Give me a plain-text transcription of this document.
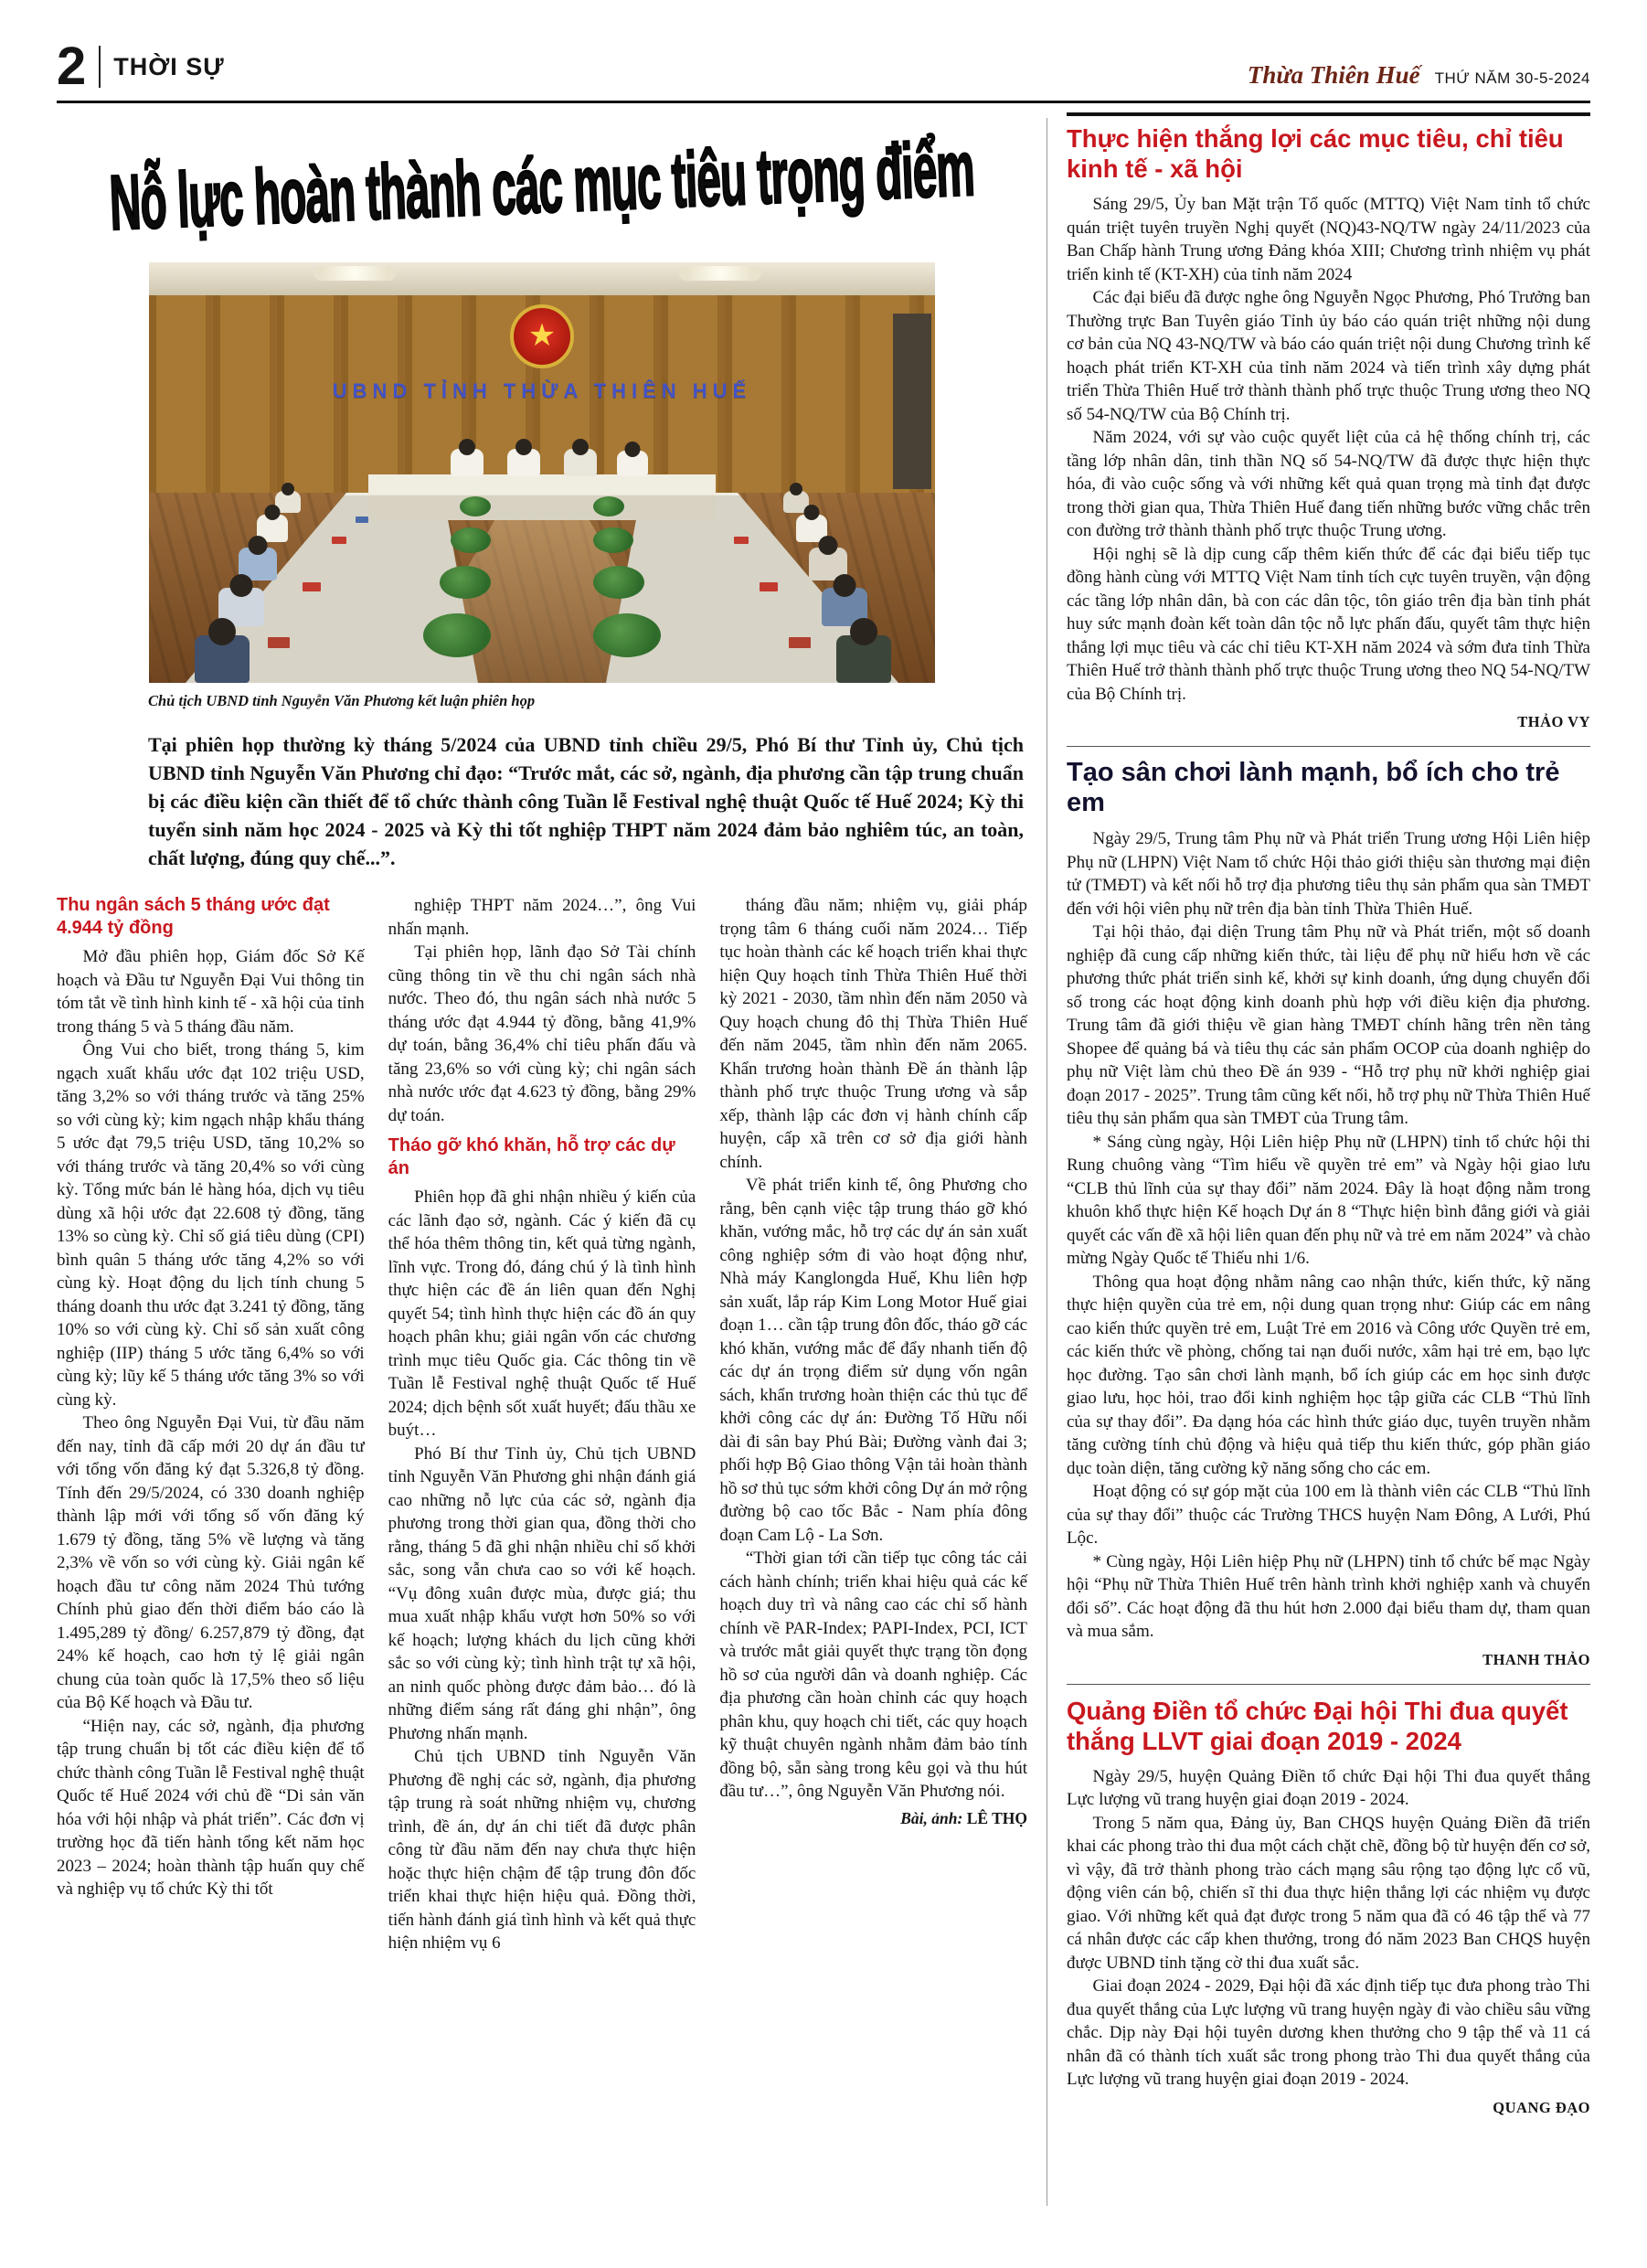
2 THỜI SỰ	Thừa Thiên Huế THỨ NĂM 30-5-2024
Nỗ lực hoàn thành các mục tiêu trọng điểm
★
UBND TỈNH THỪA THIÊN HUẾ
Chủ tịch UBND tỉnh Nguyễn Văn Phương kết luận phiên họp

Tại phiên họp thường kỳ tháng 5/2024 của UBND tỉnh chiều 29/5, Phó Bí thư Tỉnh ủy, Chủ tịch UBND tỉnh Nguyễn Văn Phương chỉ đạo: “Trước mắt, các sở, ngành, địa phương cần tập trung chuẩn bị các điều kiện cần thiết để tổ chức thành công Tuần lễ Festival nghệ thuật Quốc tế Huế 2024; Kỳ thi tuyển sinh năm học 2024 - 2025 và Kỳ thi tốt nghiệp THPT năm 2024 đảm bảo nghiêm túc, an toàn, chất lượng, đúng quy chế...”.

Thu ngân sách 5 tháng ước đạt 4.944 tỷ đồng

Mở đầu phiên họp, Giám đốc Sở Kế hoạch và Đầu tư Nguyễn Đại Vui thông tin tóm tắt về tình hình kinh tế - xã hội của tỉnh trong tháng 5 và 5 tháng đầu năm.

Ông Vui cho biết, trong tháng 5, kim ngạch xuất khẩu ước đạt 102 triệu USD, tăng 3,2% so với tháng trước và tăng 25% so với cùng kỳ; kim ngạch nhập khẩu tháng 5 ước đạt 79,5 triệu USD, tăng 10,2% so với tháng trước và tăng 20,4% so với cùng kỳ. Tổng mức bán lẻ hàng hóa, dịch vụ tiêu dùng xã hội ước đạt 22.608 tỷ đồng, tăng 13% so cùng kỳ. Chỉ số giá tiêu dùng (CPI) bình quân 5 tháng ước tăng 4,2% so với cùng kỳ. Hoạt động du lịch tính chung 5 tháng doanh thu ước đạt 3.241 tỷ đồng, tăng 10% so với cùng kỳ. Chỉ số sản xuất công nghiệp (IIP) tháng 5 ước tăng 6,4% so với cùng kỳ; lũy kế 5 tháng ước tăng 3% so với cùng kỳ.

Theo ông Nguyễn Đại Vui, từ đầu năm đến nay, tỉnh đã cấp mới 20 dự án đầu tư với tổng vốn đăng ký đạt 5.326,8 tỷ đồng. Tính đến 29/5/2024, có 330 doanh nghiệp thành lập mới với tổng số vốn đăng ký 1.679 tỷ đồng, tăng 5% về lượng và tăng 2,3% về vốn so với cùng kỳ. Giải ngân kế hoạch đầu tư công năm 2024 Thủ tướng Chính phủ giao đến thời điểm báo cáo là 1.495,289 tỷ đồng/ 6.257,879 tỷ đồng, đạt 24% kế hoạch, cao hơn tỷ lệ giải ngân chung của toàn quốc là 17,5% theo số liệu của Bộ Kế hoạch và Đầu tư.

“Hiện nay, các sở, ngành, địa phương tập trung chuẩn bị tốt các điều kiện để tổ chức thành công Tuần lễ Festival nghệ thuật Quốc tế Huế 2024 với chủ đề “Di sản văn hóa với hội nhập và phát triển”. Các đơn vị trường học đã tiến hành tổng kết năm học 2023 – 2024; hoàn thành tập huấn quy chế và nghiệp vụ tổ chức Kỳ thi tốt

nghiệp THPT năm 2024…”, ông Vui nhấn mạnh.

Tại phiên họp, lãnh đạo Sở Tài chính cũng thông tin về thu chi ngân sách nhà nước. Theo đó, thu ngân sách nhà nước 5 tháng ước đạt 4.944 tỷ đồng, bằng 41,9% dự toán, bằng 36,4% chỉ tiêu phấn đấu và tăng 23,6% so với cùng kỳ; chi ngân sách nhà nước ước đạt 4.623 tỷ đồng, bằng 29% dự toán.

Tháo gỡ khó khăn, hỗ trợ các dự án

Phiên họp đã ghi nhận nhiều ý kiến của các lãnh đạo sở, ngành. Các ý kiến đã cụ thể hóa thêm thông tin, kết quả từng ngành, lĩnh vực. Trong đó, đáng chú ý là tình hình thực hiện các đề án liên quan đến Nghị quyết 54; tình hình thực hiện các đồ án quy hoạch phân khu; giải ngân vốn các chương trình mục tiêu Quốc gia. Các thông tin về Tuần lễ Festival nghệ thuật Quốc tế Huế 2024; dịch bệnh sốt xuất huyết; đấu thầu xe buýt…

Phó Bí thư Tỉnh ủy, Chủ tịch UBND tỉnh Nguyễn Văn Phương ghi nhận đánh giá cao những nỗ lực của các sở, ngành địa phương trong thời gian qua, đồng thời cho rằng, tháng 5 đã ghi nhận nhiều chỉ số khởi sắc, song vẫn chưa cao so với kế hoạch. “Vụ đông xuân được mùa, được giá; thu mua xuất nhập khẩu vượt hơn 50% so với kế hoạch; lượng khách du lịch cũng khởi sắc so với cùng kỳ; tình hình trật tự xã hội, an ninh quốc phòng được đảm bảo… đó là những điểm sáng rất đáng ghi nhận”, ông Phương nhấn mạnh.

Chủ tịch UBND tỉnh Nguyễn Văn Phương đề nghị các sở, ngành, địa phương tập trung rà soát những nhiệm vụ, chương trình, đề án, dự án chi tiết đã được phân công từ đầu năm đến nay chưa thực hiện hoặc thực hiện chậm để tập trung đôn đốc triển khai thực hiện hiệu quả. Đồng thời, tiến hành đánh giá tình hình và kết quả thực hiện nhiệm vụ 6

tháng đầu năm; nhiệm vụ, giải pháp trọng tâm 6 tháng cuối năm 2024… Tiếp tục hoàn thành các kế hoạch triển khai thực hiện Quy hoạch tỉnh Thừa Thiên Huế thời kỳ 2021 - 2030, tầm nhìn đến năm 2050 và Quy hoạch chung đô thị Thừa Thiên Huế đến năm 2045, tầm nhìn đến năm 2065. Khẩn trương hoàn thành Đề án thành lập thành phố trực thuộc Trung ương và sắp xếp, thành lập các đơn vị hành chính cấp huyện, cấp xã trên cơ sở địa giới hành chính.

Về phát triển kinh tế, ông Phương cho rằng, bên cạnh việc tập trung tháo gỡ khó khăn, vướng mắc, hỗ trợ các dự án sản xuất công nghiệp sớm đi vào hoạt động như, Nhà máy Kanglongda Huế, Khu liên hợp sản xuất, lắp ráp Kim Long Motor Huế giai đoạn 1… cần tập trung đôn đốc, tháo gỡ các khó khăn, vướng mắc để đẩy nhanh tiến độ các dự án trọng điểm sử dụng vốn ngân sách, khẩn trương hoàn thiện các thủ tục để khởi công các dự án: Đường Tố Hữu nối dài đi sân bay Phú Bài; Đường vành đai 3; phối hợp Bộ Giao thông Vận tải hoàn thành hồ sơ thủ tục sớm khởi công Dự án mở rộng đường bộ cao tốc Bắc - Nam phía đông đoạn Cam Lộ - La Sơn.

“Thời gian tới cần tiếp tục công tác cải cách hành chính; triển khai hiệu quả các kế hoạch duy trì và nâng cao các chỉ số hành chính về PAR-Index; PAPI-Index, PCI, ICT và trước mắt giải quyết thực trạng tồn đọng hồ sơ của người dân và doanh nghiệp. Các địa phương cần hoàn chỉnh các quy hoạch phân khu, quy hoạch chi tiết, các quy hoạch kỹ thuật chuyên ngành nhằm đảm bảo tính đồng bộ, sẵn sàng trong kêu gọi và thu hút đầu tư…”, ông Nguyễn Văn Phương nói.

Bài, ảnh: LÊ THỌ
Thực hiện thắng lợi các mục tiêu, chỉ tiêu kinh tế - xã hội

Sáng 29/5, Ủy ban Mặt trận Tổ quốc (MTTQ) Việt Nam tỉnh tổ chức quán triệt tuyên truyền Nghị quyết (NQ)43-NQ/TW ngày 24/11/2023 của Ban Chấp hành Trung ương Đảng khóa XIII; Chương trình nhiệm vụ phát triển kinh tế (KT-XH) của tỉnh năm 2024

Các đại biểu đã được nghe ông Nguyễn Ngọc Phương, Phó Trưởng ban Thường trực Ban Tuyên giáo Tỉnh ủy báo cáo quán triệt những nội dung cơ bản của NQ 43-NQ/TW và báo cáo quán triệt nội dung Chương trình kế hoạch phát triển KT-XH của tỉnh năm 2024 và tiến trình xây dựng phát triển Thừa Thiên Huế trở thành thành phố trực thuộc Trung ương theo NQ số 54-NQ/TW của Bộ Chính trị.

Năm 2024, với sự vào cuộc quyết liệt của cả hệ thống chính trị, các tầng lớp nhân dân, tinh thần NQ số 54-NQ/TW đã được thực hiện thực hóa, đi vào cuộc sống và với những kết quả quan trọng mà tỉnh đạt được trong thời gian qua, Thừa Thiên Huế đang tiến những bước vững chắc trên con đường trở thành thành phố trực thuộc Trung ương.

Hội nghị sẽ là dịp cung cấp thêm kiến thức để các đại biểu tiếp tục đồng hành cùng với MTTQ Việt Nam tỉnh tích cực tuyên truyền, vận động các tầng lớp nhân dân, bà con các dân tộc, tôn giáo trên địa bàn tỉnh phát huy sức mạnh đoàn kết toàn dân tộc nỗ lực phấn đấu, quyết tâm thực hiện thắng lợi mục tiêu và các chỉ tiêu KT-XH năm 2024 và sớm đưa tỉnh Thừa Thiên Huế trở thành thành phố trực thuộc Trung ương theo NQ 54-NQ/TW của Bộ Chính trị.

THẢO VY
Tạo sân chơi lành mạnh, bổ ích cho trẻ em

Ngày 29/5, Trung tâm Phụ nữ và Phát triển Trung ương Hội Liên hiệp Phụ nữ (LHPN) Việt Nam tổ chức Hội thảo giới thiệu sàn thương mại điện tử (TMĐT) và kết nối hỗ trợ địa phương tiêu thụ sản phẩm qua sàn TMĐT đến với hội viên phụ nữ trên địa bàn tỉnh Thừa Thiên Huế.

Tại hội thảo, đại diện Trung tâm Phụ nữ và Phát triển, một số doanh nghiệp đã cung cấp những kiến thức, tài liệu để phụ nữ hiểu hơn về các phương thức phát triển sinh kế, khởi sự kinh doanh, ứng dụng chuyển đổi số trong các hoạt động kinh doanh phù hợp với điều kiện địa phương. Trung tâm đã giới thiệu về gian hàng TMĐT chính hãng trên nền tảng Shopee để quảng bá và tiêu thụ các sản phẩm OCOP của doanh nghiệp do phụ nữ Việt làm chủ theo Đề án 939 - “Hỗ trợ phụ nữ khởi nghiệp giai đoạn 2017 - 2025”. Trung tâm cũng kết nối, hỗ trợ phụ nữ Thừa Thiên Huế tiêu thụ sản phẩm qua sàn TMĐT của Trung tâm.

* Sáng cùng ngày, Hội Liên hiệp Phụ nữ (LHPN) tỉnh tổ chức hội thi Rung chuông vàng “Tìm hiểu về quyền trẻ em” và Ngày hội giao lưu “CLB thủ lĩnh của sự thay đổi” năm 2024. Đây là hoạt động nằm trong khuôn khổ thực hiện Kế hoạch Dự án 8 “Thực hiện bình đẳng giới và giải quyết các vấn đề xã hội liên quan đến phụ nữ và trẻ em năm 2024” và chào mừng Ngày Quốc tế Thiếu nhi 1/6.

Thông qua hoạt động nhằm nâng cao nhận thức, kiến thức, kỹ năng thực hiện quyền của trẻ em, nội dung quan trọng như: Giúp các em nâng cao kiến thức quyền trẻ em, Luật Trẻ em 2016 và Công ước Quyền trẻ em, các kiến thức về phòng, chống tai nạn đuối nước, xâm hại trẻ em, bạo lực học đường. Tạo sân chơi lành mạnh, bổ ích giúp các em học sinh được giao lưu, học hỏi, trao đổi kinh nghiệm học tập giữa các CLB “Thủ lĩnh của sự thay đổi”. Đa dạng hóa các hình thức giáo dục, tuyên truyền nhằm tăng cường tính chủ động và hiệu quả tiếp thu kiến thức, góp phần giáo dục toàn diện, tăng cường kỹ năng sống cho các em.

Hoạt động có sự góp mặt của 100 em là thành viên các CLB “Thủ lĩnh của sự thay đổi” thuộc các Trường THCS huyện Nam Đông, A Lưới, Phú Lộc.

* Cùng ngày, Hội Liên hiệp Phụ nữ (LHPN) tỉnh tổ chức bế mạc Ngày hội “Phụ nữ Thừa Thiên Huế trên hành trình khởi nghiệp xanh và chuyển đổi số”. Các hoạt động đã thu hút hơn 2.000 đại biểu tham dự, tham quan và mua sắm.

THANH THẢO
Quảng Điền tổ chức Đại hội Thi đua quyết thắng LLVT giai đoạn 2019 - 2024

Ngày 29/5, huyện Quảng Điền tổ chức Đại hội Thi đua quyết thắng Lực lượng vũ trang huyện giai đoạn 2019 - 2024.

Trong 5 năm qua, Đảng ủy, Ban CHQS huyện Quảng Điền đã triển khai các phong trào thi đua một cách chặt chẽ, đồng bộ từ huyện đến cơ sở, vì vậy, đã trở thành phong trào cách mạng sâu rộng tạo động lực cổ vũ, động viên cán bộ, chiến sĩ thi đua thực hiện thắng lợi các nhiệm vụ được giao. Với những kết quả đạt được trong 5 năm qua đã có 46 tập thể và 77 cá nhân được các cấp khen thưởng, trong đó năm 2023 Ban CHQS huyện được UBND tỉnh tặng cờ thi đua xuất sắc.

Giai đoạn 2024 - 2029, Đại hội đã xác định tiếp tục đưa phong trào Thi đua quyết thắng của Lực lượng vũ trang huyện ngày đi vào chiều sâu vững chắc. Dịp này Đại hội tuyên dương khen thưởng cho 9 tập thể và 11 cá nhân đã có thành tích xuất sắc trong phong trào Thi đua quyết thắng của Lực lượng vũ trang huyện giai đoạn 2019 - 2024.

QUANG ĐẠO
